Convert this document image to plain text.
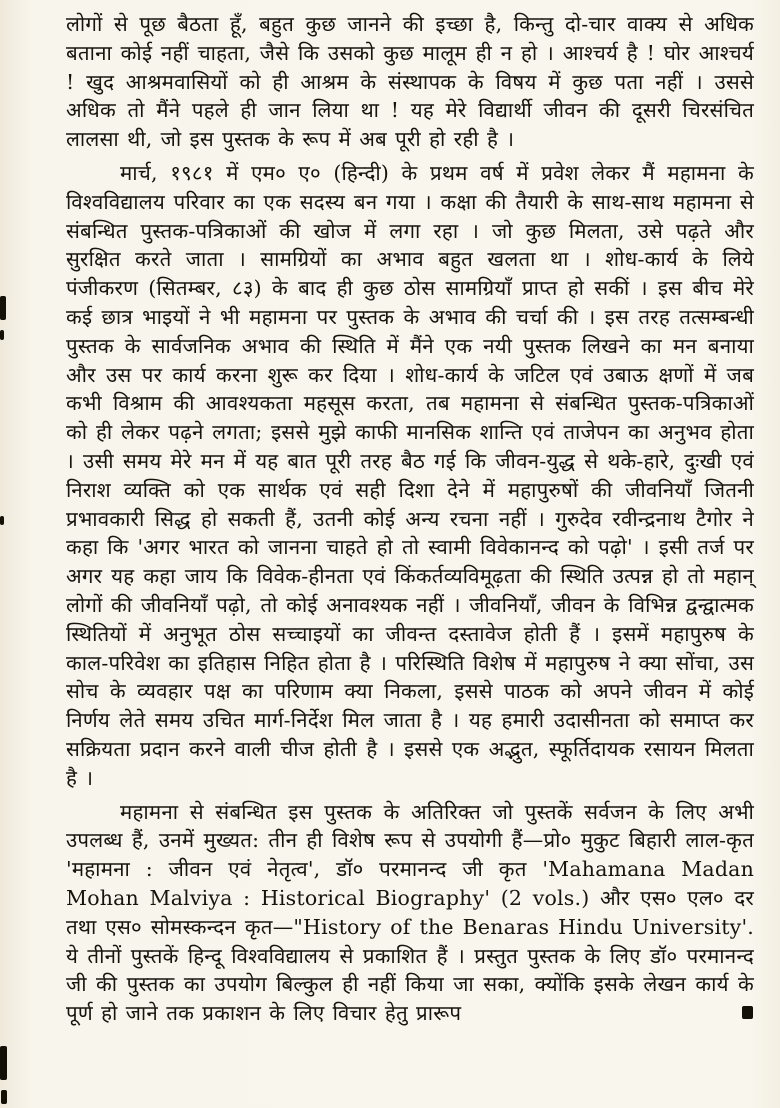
लोगों से पूछ बैठता हूँ, बहुत कुछ जानने की इच्छा है, किन्तु दो-चार वाक्य से अधिक बताना कोई नहीं चाहता, जैसे कि उसको कुछ मालूम ही न हो । आश्चर्य है ! घोर आश्चर्य ! खुद आश्रमवासियों को ही आश्रम के संस्थापक के विषय में कुछ पता नहीं । उससे अधिक तो मैंने पहले ही जान लिया था ! यह मेरे विद्यार्थी जीवन की दूसरी चिरसंचित लालसा थी, जो इस पुस्तक के रूप में अब पूरी हो रही है ।

मार्च, १९८१ में एम० ए० (हिन्दी) के प्रथम वर्ष में प्रवेश लेकर मैं महामना के विश्वविद्यालय परिवार का एक सदस्य बन गया । कक्षा की तैयारी के साथ-साथ महामना से संबन्धित पुस्तक-पत्रिकाओं की खोज में लगा रहा । जो कुछ मिलता, उसे पढ़ते और सुरक्षित करते जाता । सामग्रियों का अभाव बहुत खलता था । शोध-कार्य के लिये पंजीकरण (सितम्बर, ८३) के बाद ही कुछ ठोस सामग्रियाँ प्राप्त हो सकीं । इस बीच मेरे कई छात्र भाइयों ने भी महामना पर पुस्तक के अभाव की चर्चा की । इस तरह तत्सम्बन्धी पुस्तक के सार्वजनिक अभाव की स्थिति में मैंने एक नयी पुस्तक लिखने का मन बनाया और उस पर कार्य करना शुरू कर दिया । शोध-कार्य के जटिल एवं उबाऊ क्षणों में जब कभी विश्राम की आवश्यकता महसूस करता, तब महामना से संबन्धित पुस्तक-पत्रिकाओं को ही लेकर पढ़ने लगता; इससे मुझे काफी मानसिक शान्ति एवं ताजेपन का अनुभव होता । उसी समय मेरे मन में यह बात पूरी तरह बैठ गई कि जीवन-युद्ध से थके-हारे, दुःखी एवं निराश व्यक्ति को एक सार्थक एवं सही दिशा देने में महापुरुषों की जीवनियाँ जितनी प्रभावकारी सिद्ध हो सकती हैं, उतनी कोई अन्य रचना नहीं । गुरुदेव रवीन्द्रनाथ टैगोर ने कहा कि 'अगर भारत को जानना चाहते हो तो स्वामी विवेकानन्द को पढ़ो' । इसी तर्ज पर अगर यह कहा जाय कि विवेक-हीनता एवं किंकर्तव्यविमूढ़ता की स्थिति उत्पन्न हो तो महान् लोगों की जीवनियाँ पढ़ो, तो कोई अनावश्यक नहीं । जीवनियाँ, जीवन के विभिन्न द्वन्द्वात्मक स्थितियों में अनुभूत ठोस सच्चाइयों का जीवन्त दस्तावेज होती हैं । इसमें महापुरुष के काल-परिवेश का इतिहास निहित होता है । परिस्थिति विशेष में महापुरुष ने क्या सोंचा, उस सोच के व्यवहार पक्ष का परिणाम क्या निकला, इससे पाठक को अपने जीवन में कोई निर्णय लेते समय उचित मार्ग-निर्देश मिल जाता है । यह हमारी उदासीनता को समाप्त कर सक्रियता प्रदान करने वाली चीज होती है । इससे एक अद्भुत, स्फूर्तिदायक रसायन मिलता है ।

महामना से संबन्धित इस पुस्तक के अतिरिक्त जो पुस्तकें सर्वजन के लिए अभी उपलब्ध हैं, उनमें मुख्यत: तीन ही विशेष रूप से उपयोगी हैं—प्रो० मुकुट बिहारी लाल-कृत 'महामना : जीवन एवं नेतृत्व', डॉ० परमानन्द जी कृत 'Mahamana Madan Mohan Malviya : Historical Biography' (2 vols.) और एस० एल० दर तथा एस० सोमस्कन्दन कृत—"History of the Benaras Hindu University'. ये तीनों पुस्तकें हिन्दू विश्वविद्यालय से प्रकाशित हैं । प्रस्तुत पुस्तक के लिए डॉ० परमानन्द जी की पुस्तक का उपयोग बिल्कुल ही नहीं किया जा सका, क्योंकि इसके लेखन कार्य के पूर्ण हो जाने तक प्रकाशन के लिए विचार हेतु प्रारूप
